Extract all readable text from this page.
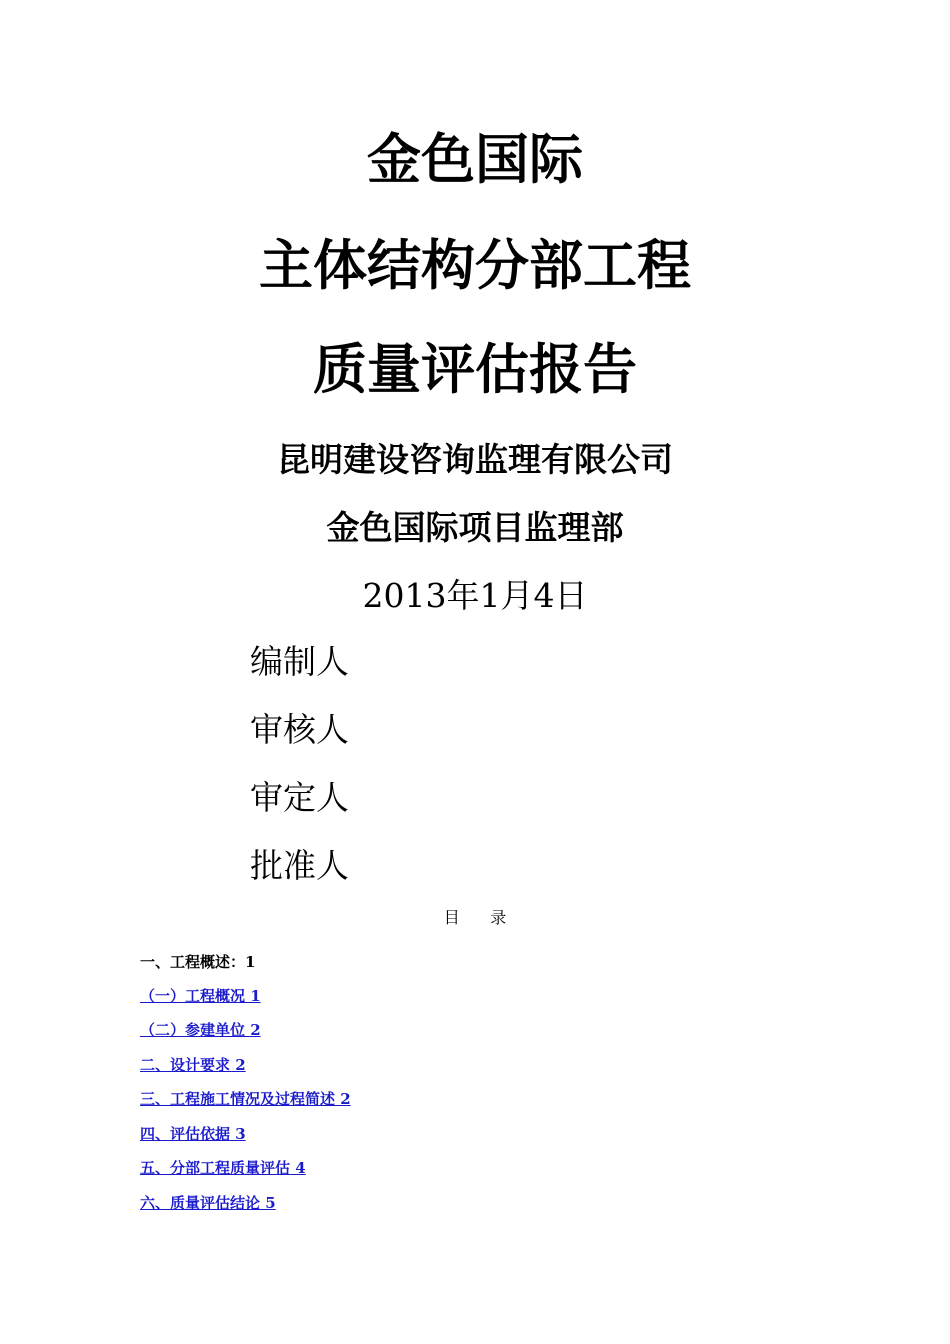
金色国际
主体结构分部工程
质量评估报告
昆明建设咨询监理有限公司
金色国际项目监理部
2013年1月4日
编制人
审核人
审定人
批准人
目      录
一、工程概述：1
（一）工程概况 1
（二）参建单位 2
二、设计要求 2
三、工程施工情况及过程简述 2
四、评估依据 3
五、分部工程质量评估 4
六、质量评估结论 5
